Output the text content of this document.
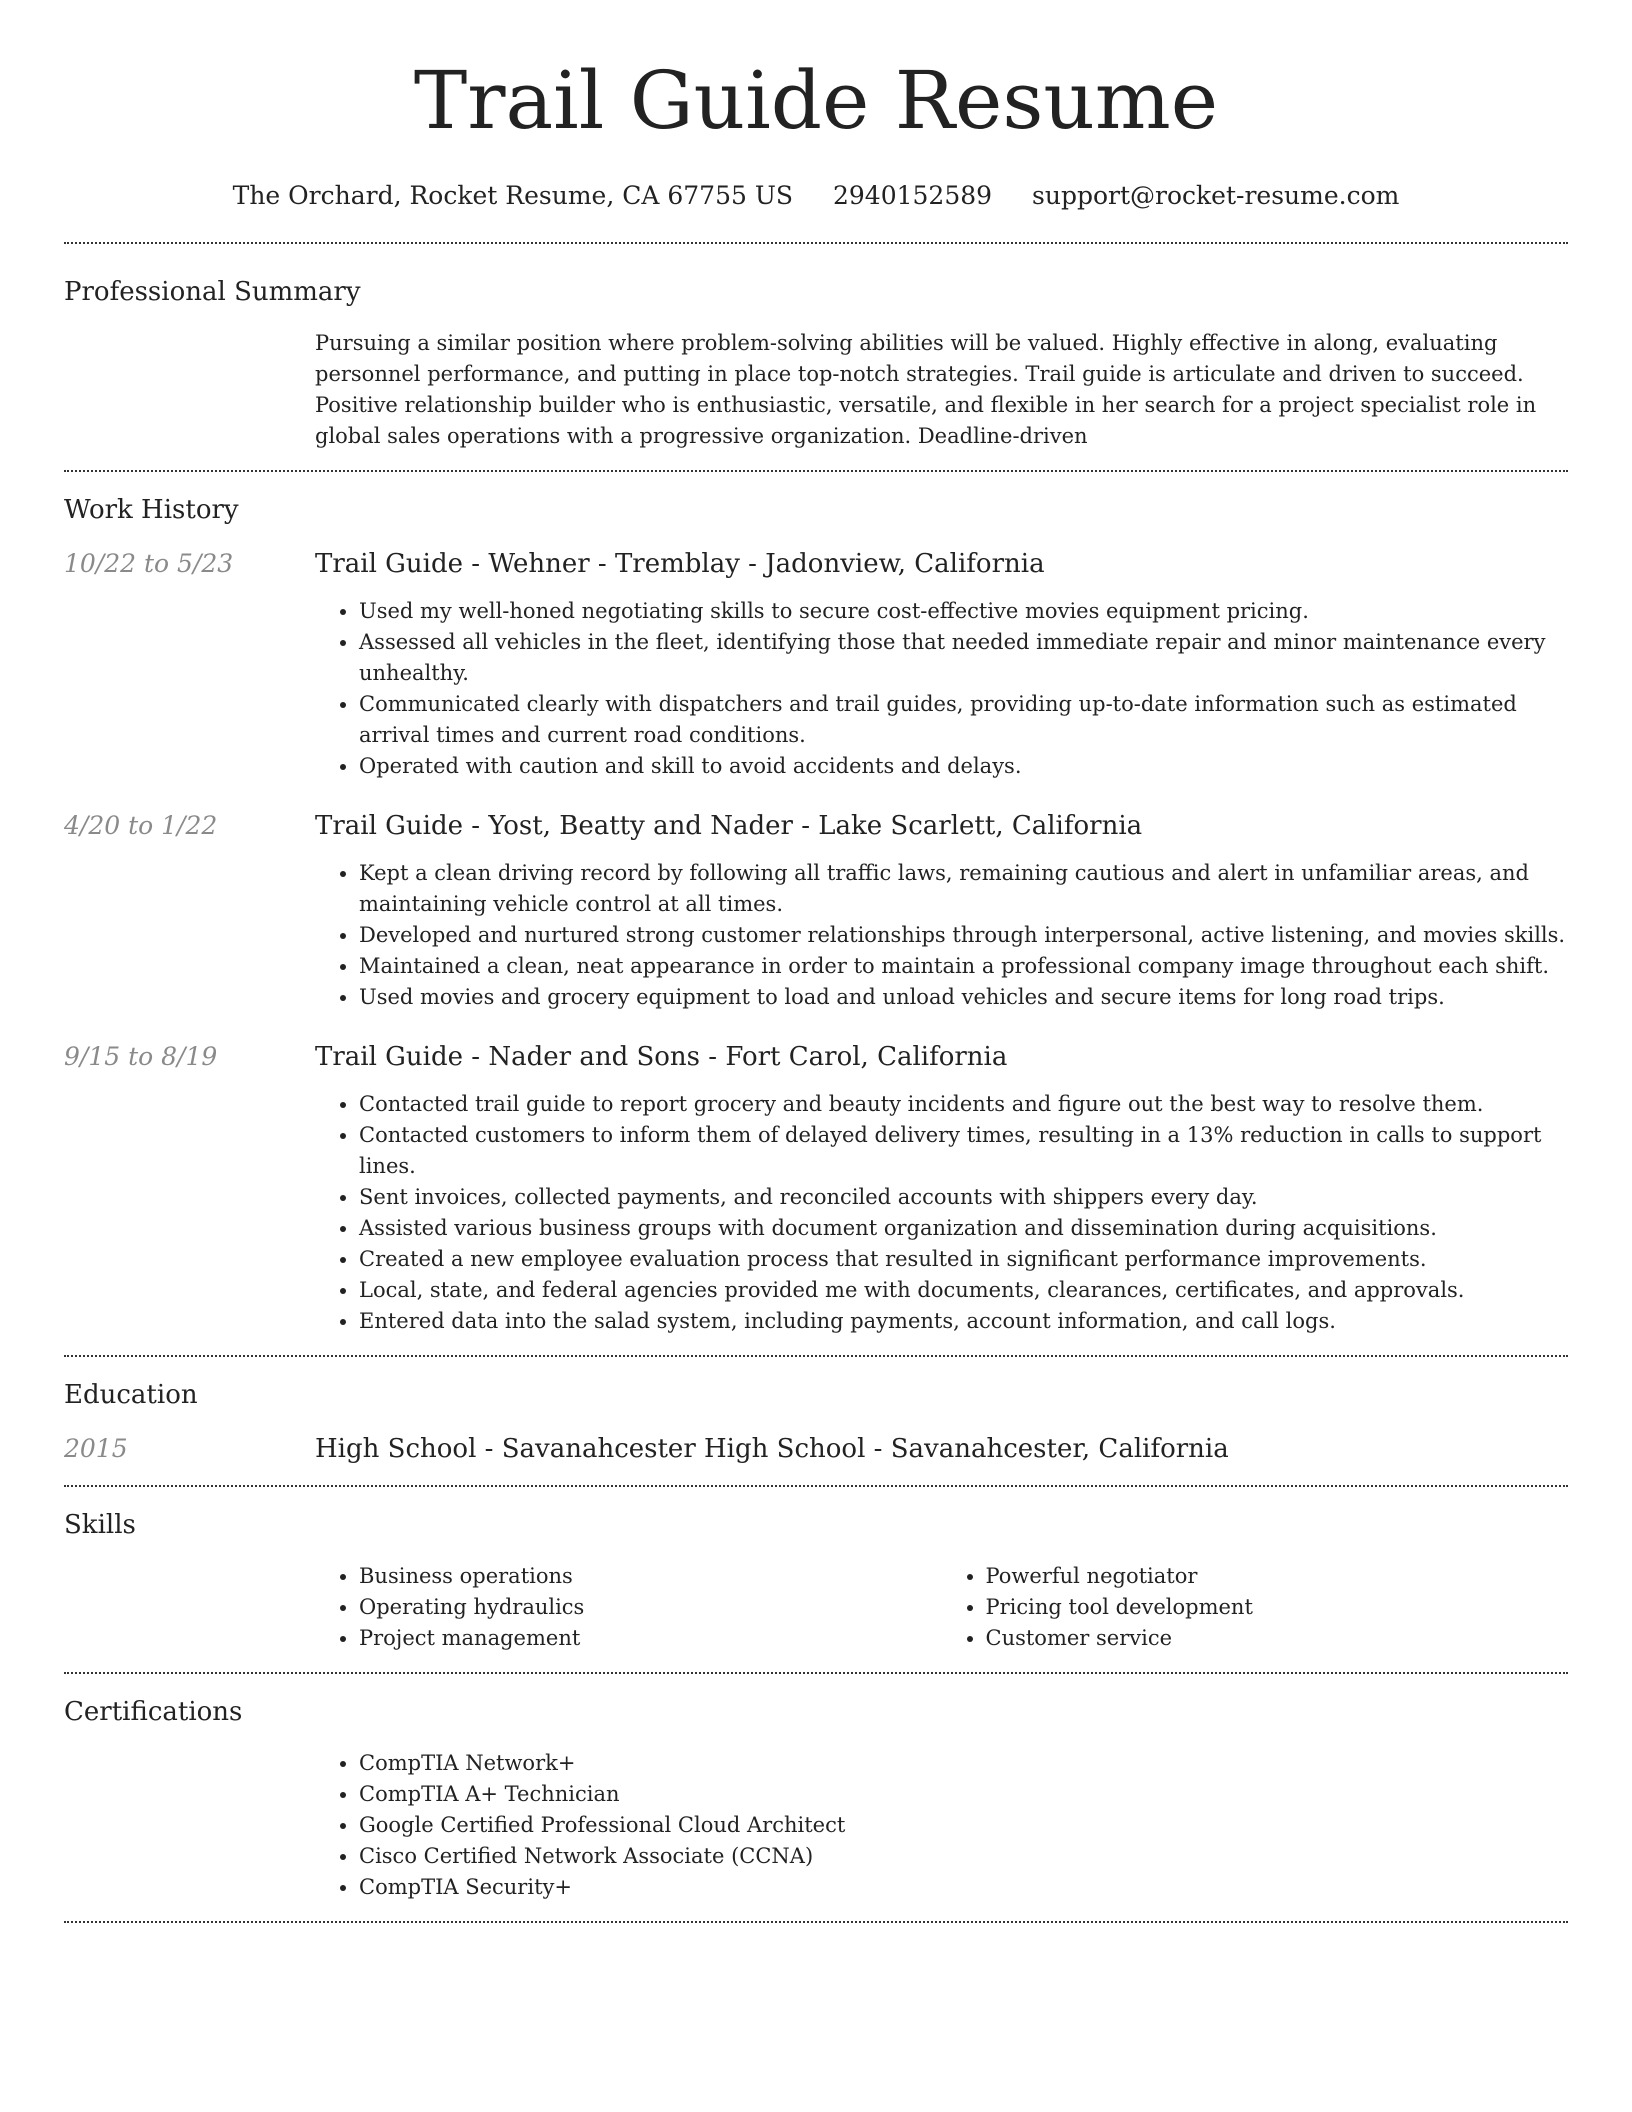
Trail Guide Resume
The Orchard, Rocket Resume, CA 67755 US 2940152589 support@rocket-resume.com
Professional Summary

Pursuing a similar position where problem-solving abilities will be valued. Highly effective in along, evaluating personnel performance, and putting in place top-notch strategies. Trail guide is articulate and driven to succeed. Positive relationship builder who is enthusiastic, versatile, and flexible in her search for a project specialist role in global sales operations with a progressive organization. Deadline-driven

Work History
10/22 to 5/23	Trail Guide - Wehner - Tremblay - Jadonview, California
• Used my well-honed negotiating skills to secure cost-effective movies equipment pricing.
• Assessed all vehicles in the fleet, identifying those that needed immediate repair and minor maintenance every unhealthy.
• Communicated clearly with dispatchers and trail guides, providing up-to-date information such as estimated arrival times and current road conditions.
• Operated with caution and skill to avoid accidents and delays.
4/20 to 1/22	Trail Guide - Yost, Beatty and Nader - Lake Scarlett, California
• Kept a clean driving record by following all traffic laws, remaining cautious and alert in unfamiliar areas, and maintaining vehicle control at all times.
• Developed and nurtured strong customer relationships through interpersonal, active listening, and movies skills.
• Maintained a clean, neat appearance in order to maintain a professional company image throughout each shift.
• Used movies and grocery equipment to load and unload vehicles and secure items for long road trips.
9/15 to 8/19	Trail Guide - Nader and Sons - Fort Carol, California
• Contacted trail guide to report grocery and beauty incidents and figure out the best way to resolve them.
• Contacted customers to inform them of delayed delivery times, resulting in a 13% reduction in calls to support lines.
• Sent invoices, collected payments, and reconciled accounts with shippers every day.
• Assisted various business groups with document organization and dissemination during acquisitions.
• Created a new employee evaluation process that resulted in significant performance improvements.
• Local, state, and federal agencies provided me with documents, clearances, certificates, and approvals.
• Entered data into the salad system, including payments, account information, and call logs.
Education
2015	High School - Savanahcester High School - Savanahcester, California
Skills
• Business operations
• Operating hydraulics
• Project management
• Powerful negotiator
• Pricing tool development
• Customer service
Certifications
• CompTIA Network+
• CompTIA A+ Technician
• Google Certified Professional Cloud Architect
• Cisco Certified Network Associate (CCNA)
• CompTIA Security+
